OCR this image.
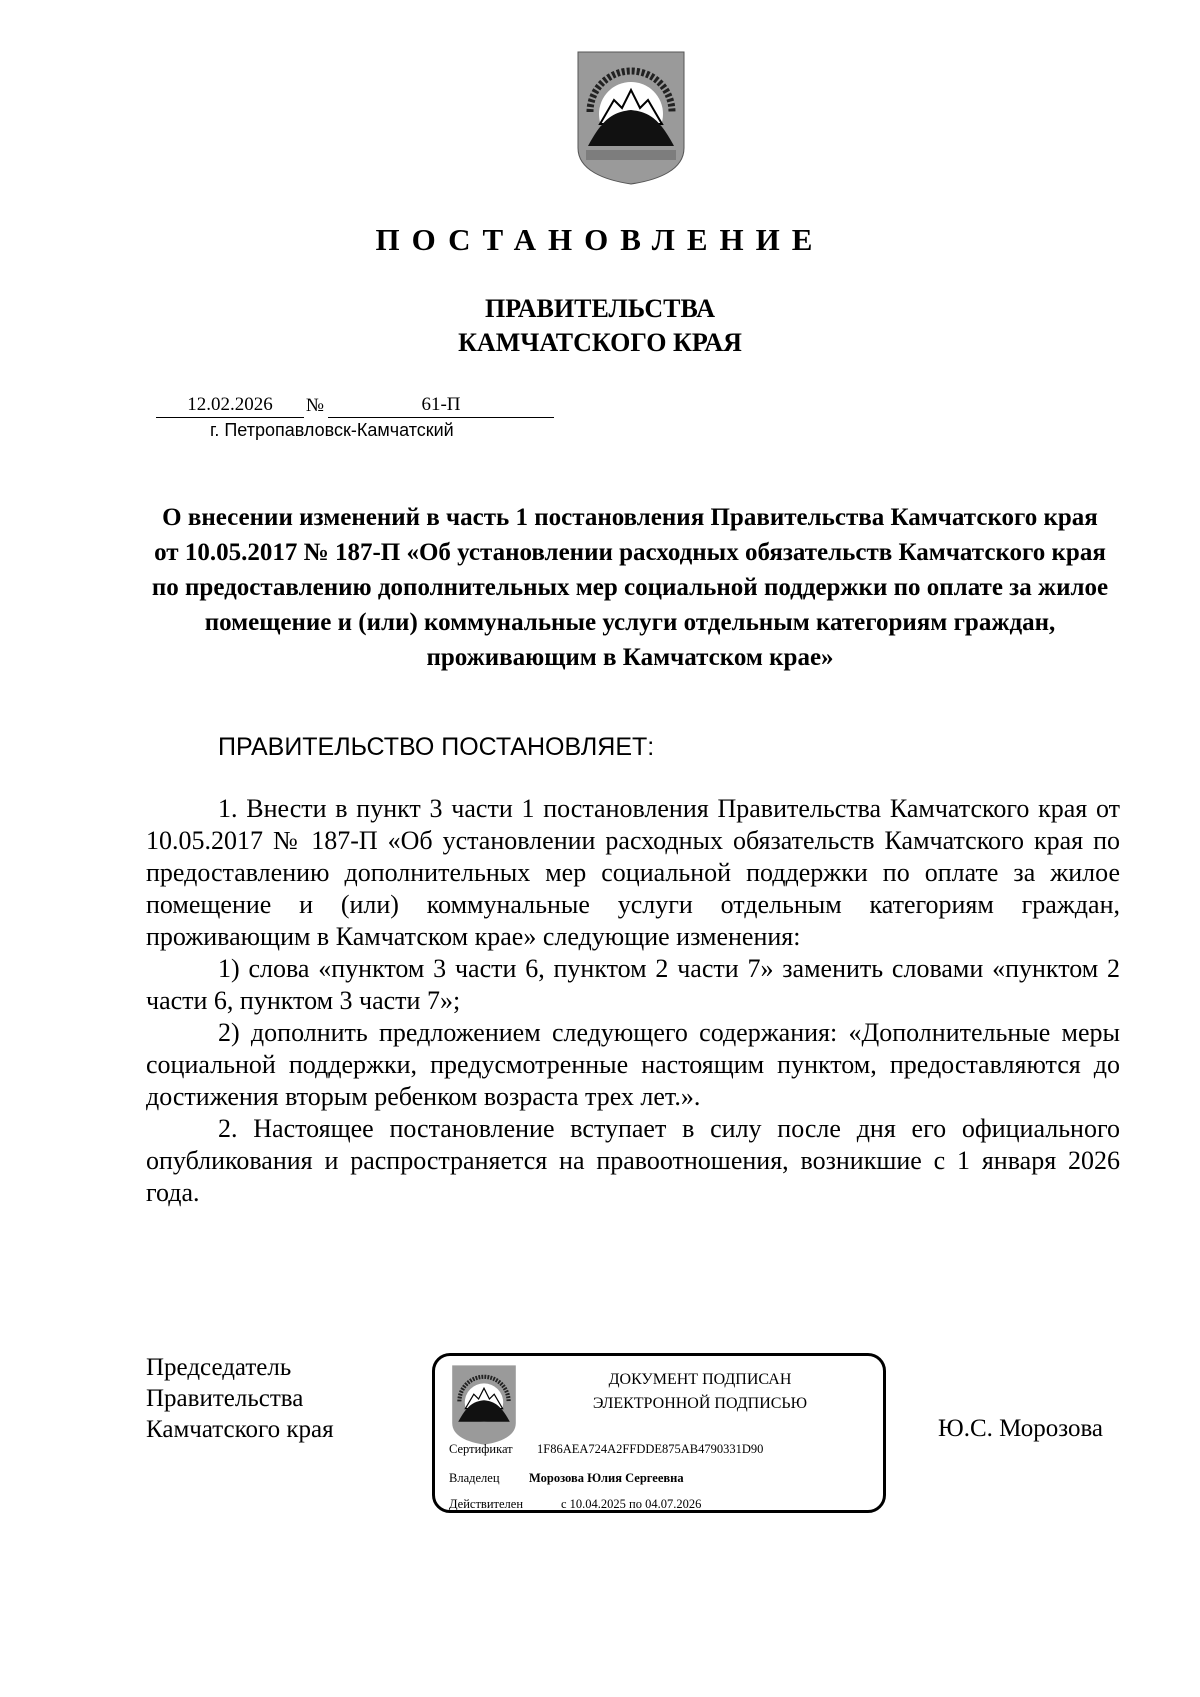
ПОСТАНОВЛЕНИЕ
ПРАВИТЕЛЬСТВА
КАМЧАТСКОГО КРАЯ
12.02.2026	№	61-П
г. Петропавловск-Камчатский
О внесении изменений в часть 1 постановления Правительства Камчатского края от 10.05.2017 № 187-П «Об установлении расходных обязательств Камчатского края по предоставлению дополнительных мер социальной поддержки по оплате за жилое помещение и (или) коммунальные услуги отдельным категориям граждан, проживающим в Камчатском крае»
ПРАВИТЕЛЬСТВО ПОСТАНОВЛЯЕТ:

1. Внести в пункт 3 части 1 постановления Правительства Камчатского края от 10.05.2017 № 187-П «Об установлении расходных обязательств Камчатского края по предоставлению дополнительных мер социальной поддержки по оплате за жилое помещение и (или) коммунальные услуги отдельным категориям граждан, проживающим в Камчатском крае» следующие изменения:

1) слова «пунктом 3 части 6, пунктом 2 части 7» заменить словами «пунктом 2 части 6, пунктом 3 части 7»;

2) дополнить предложением следующего содержания: «Дополнительные меры социальной поддержки, предусмотренные настоящим пунктом, предоставляются до достижения вторым ребенком возраста трех лет.».

2. Настоящее постановление вступает в силу после дня его официального опубликования и распространяется на правоотношения, возникшие с 1 января 2026 года.

Председатель
Правительства
Камчатского края
ДОКУМЕНТ ПОДПИСАН
ЭЛЕКТРОННОЙ ПОДПИСЬЮ
Сертификат 1F86AEA724A2FFDDE875AB4790331D90
Владелец Морозова Юлия Сергеевна
Действителен	с 10.04.2025 по 04.07.2026
Ю.С. Морозова
